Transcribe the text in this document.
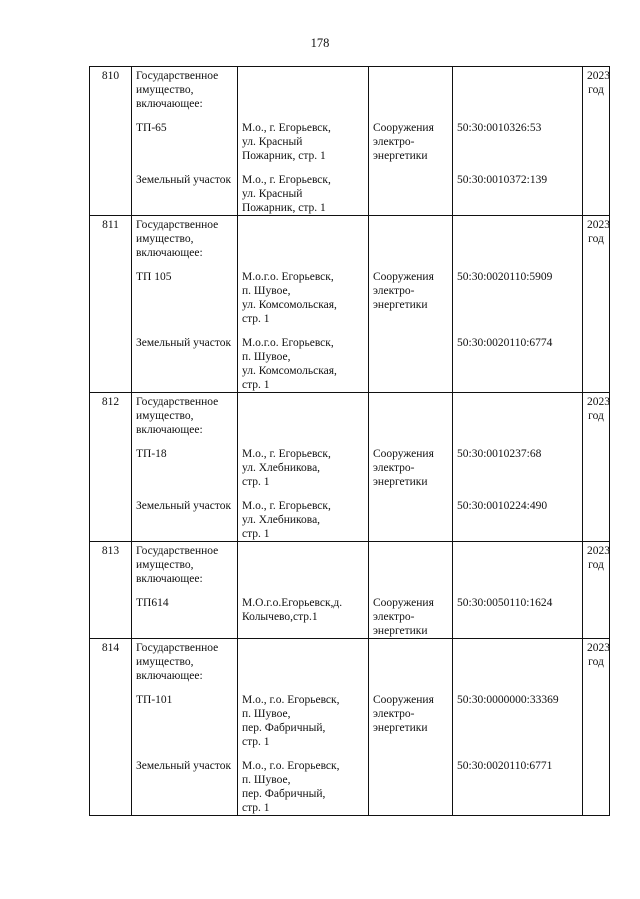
178
810	Государственное имущество, включающее:				2023 год

	ТП-65	М.о., г. Егорьевск,
ул. Красный
Пожарник, стр. 1	Сооружения
электро-
энергетики	50:30:0010326:53	

	Земельный участок	М.о., г. Егорьевск,
ул. Красный
Пожарник, стр. 1		50:30:0010372:139	
811	Государственное имущество, включающее:				2023 год

	ТП 105	М.о.г.о. Егорьевск,
п. Шувое,
ул. Комсомольская,
стр. 1	Сооружения
электро-
энергетики	50:30:0020110:5909	

	Земельный участок	М.о.г.о. Егорьевск,
п. Шувое,
ул. Комсомольская,
стр. 1		50:30:0020110:6774	
812	Государственное имущество, включающее:				2023 год

	ТП-18	М.о., г. Егорьевск,
ул. Хлебникова,
стр. 1	Сооружения
электро-
энергетики	50:30:0010237:68	

	Земельный участок	М.о., г. Егорьевск,
ул. Хлебникова,
стр. 1		50:30:0010224:490	
813	Государственное имущество, включающее:				2023 год

	ТП614	М.О.г.о.Егорьевск,д.
Колычево,стр.1	Сооружения
электро-
энергетики	50:30:0050110:1624	
814	Государственное имущество, включающее:				2023 год

	ТП-101	М.о., г.о. Егорьевск,
п. Шувое,
пер. Фабричный,
стр. 1	Сооружения
электро-
энергетики	50:30:0000000:33369	

	Земельный участок	М.о., г.о. Егорьевск,
п. Шувое,
пер. Фабричный,
стр. 1		50:30:0020110:6771	
